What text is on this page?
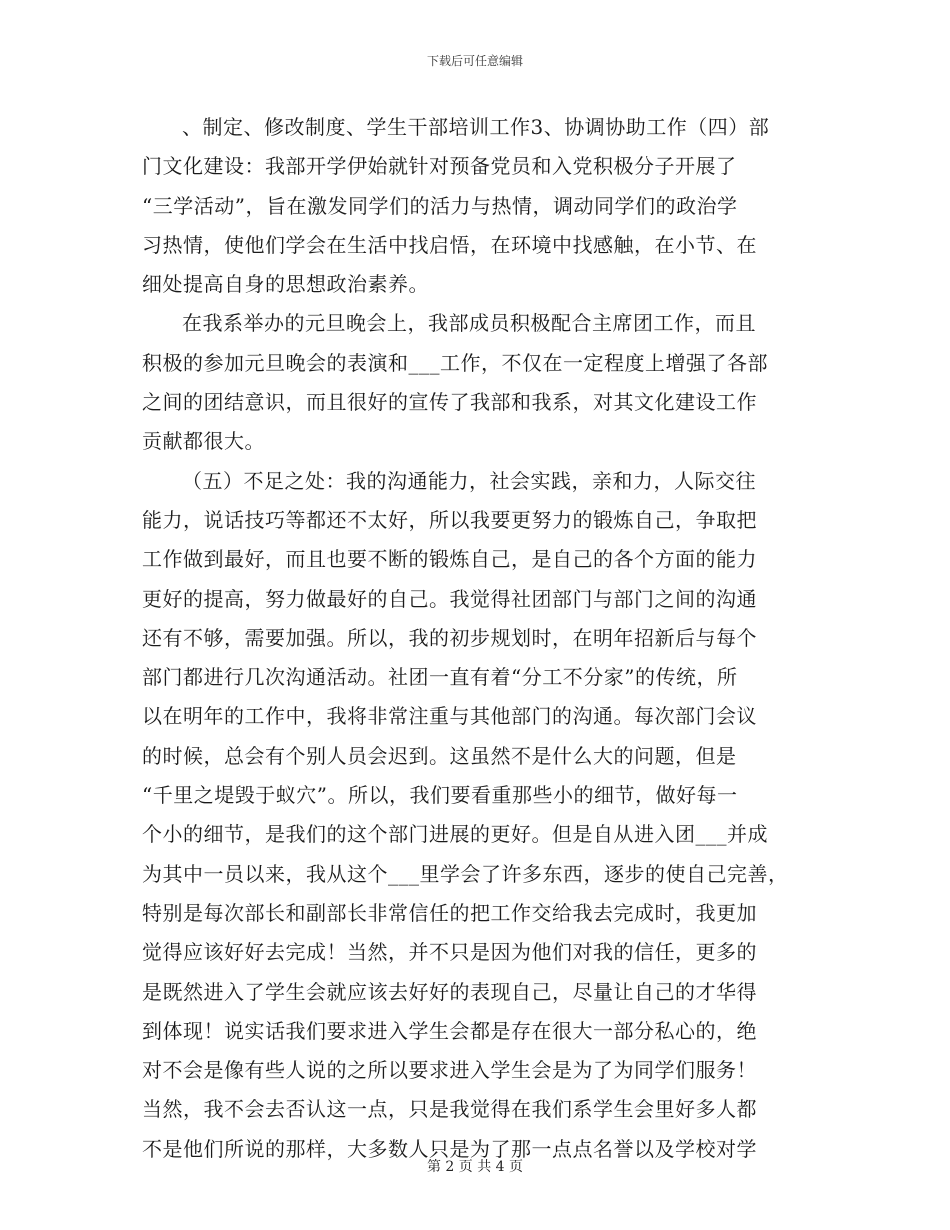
下载后可任意编辑
、制定、修改制度、学生干部培训工作3、协调协助工作（四）部
门文化建设：我部开学伊始就针对预备党员和入党积极分子开展了
“三学活动”，旨在激发同学们的活力与热情，调动同学们的政治学
习热情，使他们学会在生活中找启悟，在环境中找感触，在小节、在
细处提高自身的思想政治素养。
在我系举办的元旦晚会上，我部成员积极配合主席团工作，而且
积极的参加元旦晚会的表演和___工作，不仅在一定程度上增强了各部
之间的团结意识，而且很好的宣传了我部和我系，对其文化建设工作
贡献都很大。
（五）不足之处：我的沟通能力，社会实践，亲和力，人际交往
能力，说话技巧等都还不太好，所以我要更努力的锻炼自己，争取把
工作做到最好，而且也要不断的锻炼自己，是自己的各个方面的能力
更好的提高，努力做最好的自己。我觉得社团部门与部门之间的沟通
还有不够，需要加强。所以，我的初步规划时，在明年招新后与每个
部门都进行几次沟通活动。社团一直有着“分工不分家”的传统，所
以在明年的工作中，我将非常注重与其他部门的沟通。每次部门会议
的时候，总会有个别人员会迟到。这虽然不是什么大的问题，但是
“千里之堤毁于蚁穴”。所以，我们要看重那些小的细节，做好每一
个小的细节，是我们的这个部门进展的更好。但是自从进入团___并成
为其中一员以来，我从这个___里学会了许多东西，逐步的使自己完善，
特别是每次部长和副部长非常信任的把工作交给我去完成时，我更加
觉得应该好好去完成！当然，并不只是因为他们对我的信任，更多的
是既然进入了学生会就应该去好好的表现自己，尽量让自己的才华得
到体现！说实话我们要求进入学生会都是存在很大一部分私心的，绝
对不会是像有些人说的之所以要求进入学生会是为了为同学们服务！
当然，我不会去否认这一点，只是我觉得在我们系学生会里好多人都
不是他们所说的那样，大多数人只是为了那一点点名誉以及学校对学
第 2 页 共 4 页
